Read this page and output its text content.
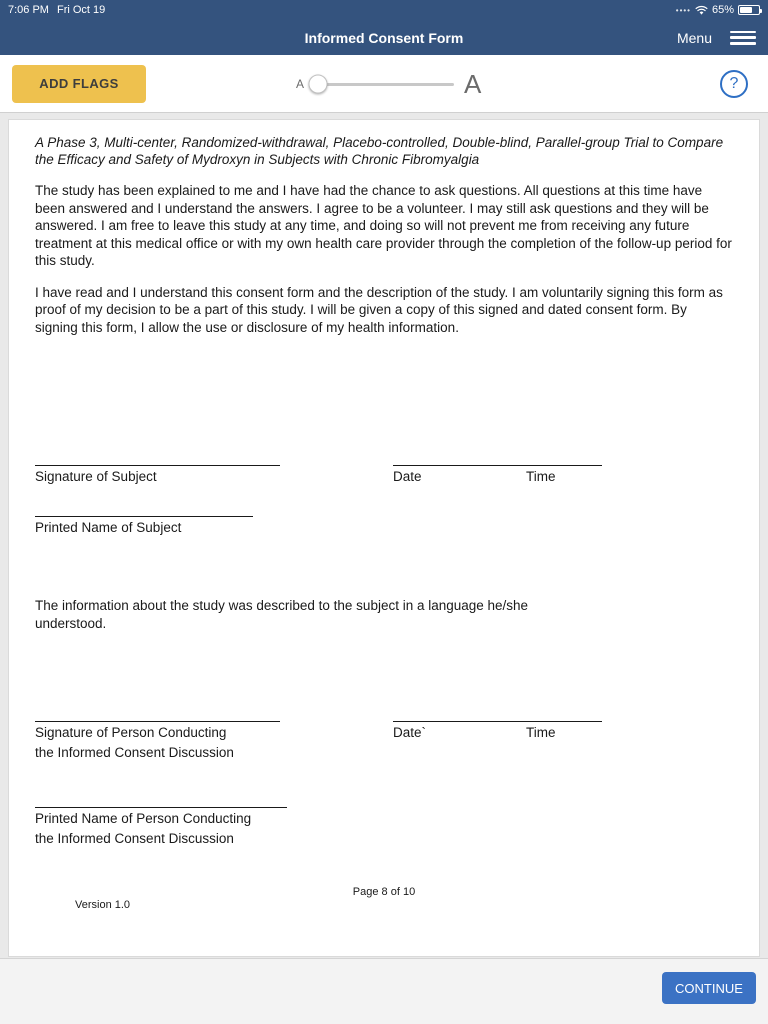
7:06 PM Fri Oct 19	•••• 65%
Informed Consent Form	Menu
ADD FLAGS	A	A	?
A Phase 3, Multi-center, Randomized-withdrawal, Placebo-controlled, Double-blind, Parallel-group Trial to Compare the Efficacy and Safety of Mydroxyn in Subjects with Chronic Fibromyalgia
The study has been explained to me and I have had the chance to ask questions. All questions at this time have been answered and I understand the answers. I agree to be a volunteer. I may still ask questions and they will be answered. I am free to leave this study at any time, and doing so will not prevent me from receiving any future treatment at this medical office or with my own health care provider through the completion of the follow-up period for this study.
I have read and I understand this consent form and the description of the study. I am voluntarily signing this form as proof of my decision to be a part of this study. I will be given a copy of this signed and dated consent form. By signing this form, I allow the use or disclosure of my health information.
Signature of Subject	Date	Time
Printed Name of Subject
The information about the study was described to the subject in a language he/she understood.
Signature of Person Conducting
the Informed Consent Discussion
Date`	Time
Printed Name of Person Conducting
the Informed Consent Discussion
Page 8 of 10
Version 1.0
CONTINUE
